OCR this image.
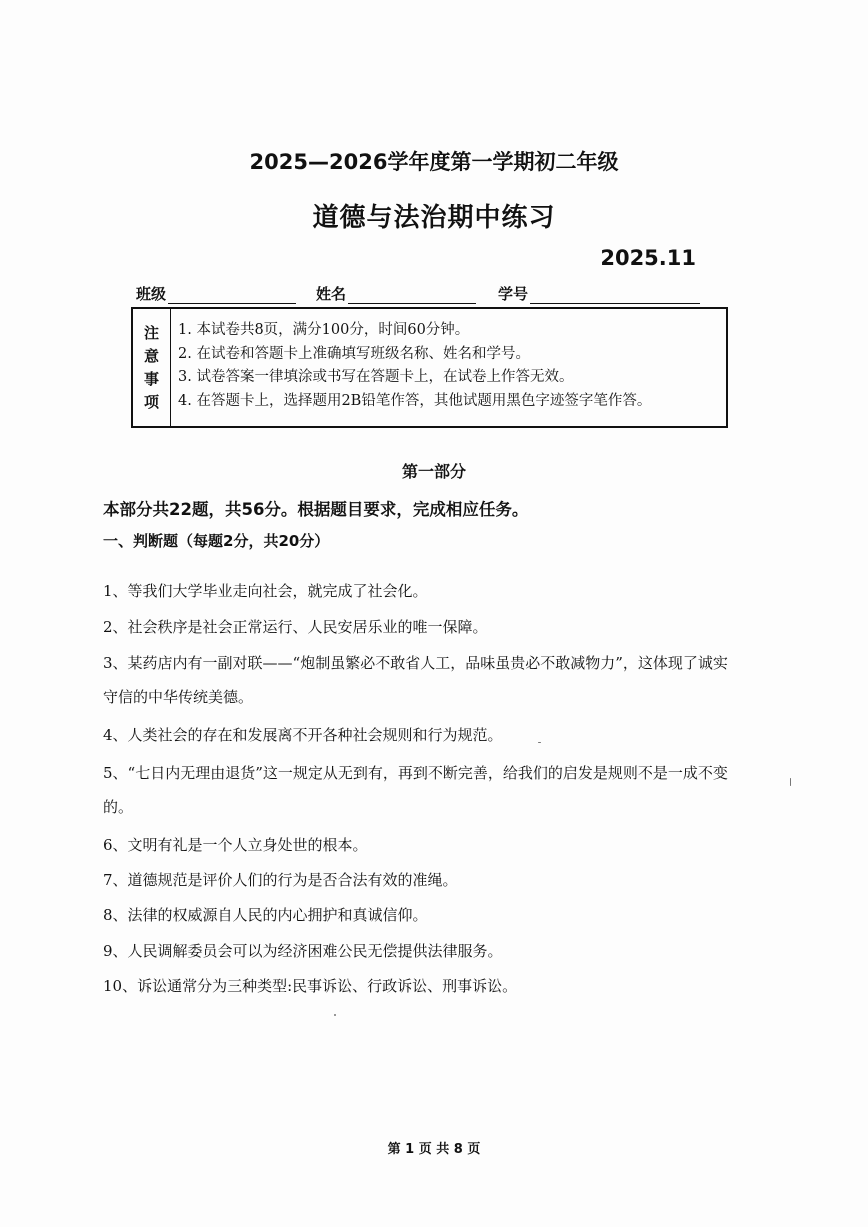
2025—2026学年度第一学期初二年级
道德与法治期中练习
2025.11
班级	姓名	学号
注
意
事
项
1. 本试卷共8页，满分100分，时间60分钟。
2. 在试卷和答题卡上准确填写班级名称、姓名和学号。
3. 试卷答案一律填涂或书写在答题卡上，在试卷上作答无效。
4. 在答题卡上，选择题用2B铅笔作答，其他试题用黑色字迹签字笔作答。
第一部分
本部分共22题，共56分。根据题目要求，完成相应任务。
一、判断题（每题2分，共20分）
1、等我们大学毕业走向社会，就完成了社会化。
2、社会秩序是社会正常运行、人民安居乐业的唯一保障。
3、某药店内有一副对联——“炮制虽繁必不敢省人工，品味虽贵必不敢减物力”，这体现了诚实
守信的中华传统美德。
4、人类社会的存在和发展离不开各种社会规则和行为规范。
5、“七日内无理由退货”这一规定从无到有，再到不断完善，给我们的启发是规则不是一成不变
的。
6、文明有礼是一个人立身处世的根本。
7、道德规范是评价人们的行为是否合法有效的准绳。
8、法律的权威源自人民的内心拥护和真诚信仰。
9、人民调解委员会可以为经济困难公民无偿提供法律服务。
10、诉讼通常分为三种类型:民事诉讼、行政诉讼、刑事诉讼。
第 1 页 共 8 页
